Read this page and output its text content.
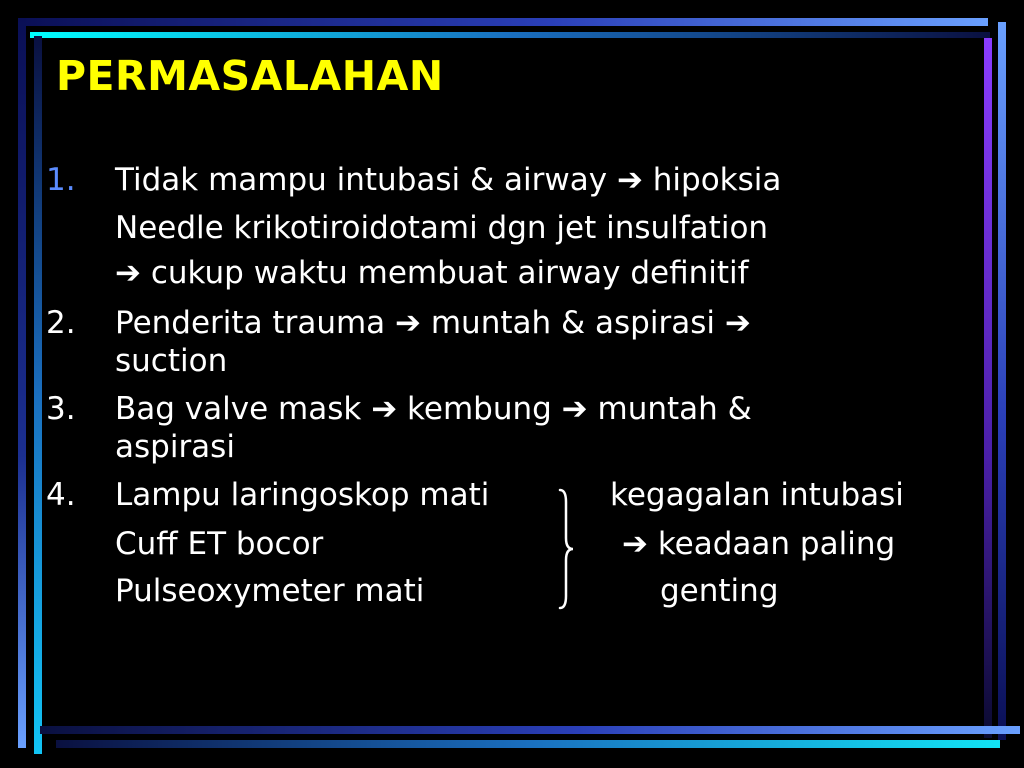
PERMASALAHAN
1. Tidak mampu intubasi & airway ➔ hipoksia
Needle krikotiroidotami dgn jet insulfation
➔ cukup waktu membuat airway definitif
2. Penderita trauma ➔ muntah & aspirasi ➔
suction
3. Bag valve mask ➔ kembung ➔ muntah &
aspirasi
4. Lampu laringoskop mati
Cuff ET bocor
Pulseoxymeter mati
kegagalan intubasi
➔ keadaan paling
genting
